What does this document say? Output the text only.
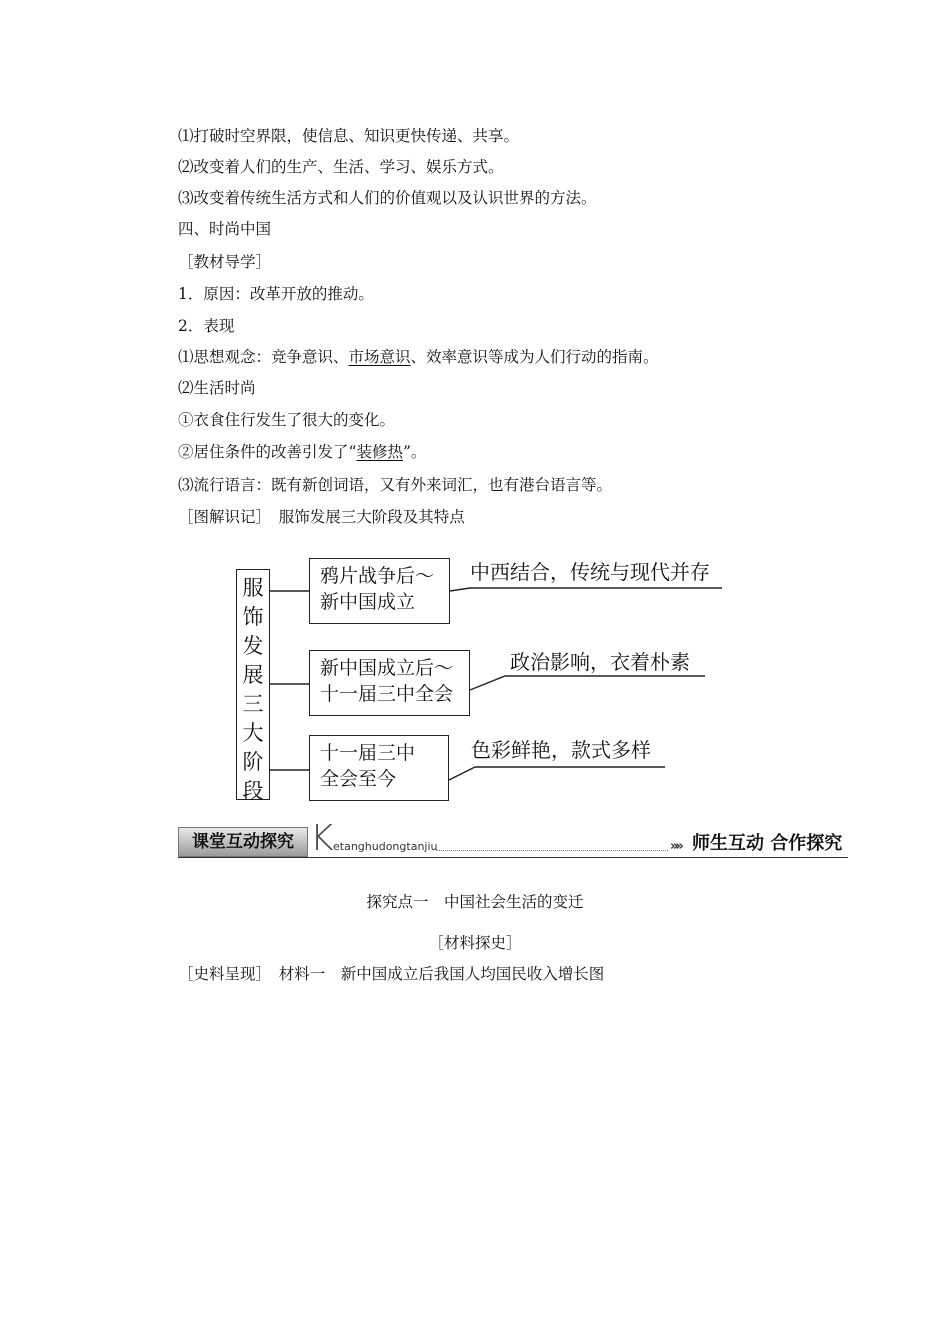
⑴打破时空界限，使信息、知识更快传递、共享。
⑵改变着人们的生产、生活、学习、娱乐方式。
⑶改变着传统生活方式和人们的价值观以及认识世界的方法。
四、时尚中国
［教材导学］
1．原因：改革开放的推动。
2．表现
⑴思想观念：竞争意识、市场意识、效率意识等成为人们行动的指南。
⑵生活时尚
①衣食住行发生了很大的变化。
②居住条件的改善引发了“装修热”。
⑶流行语言：既有新创词语，又有外来词汇，也有港台语言等。
［图解识记］　服饰发展三大阶段及其特点
服
饰
发
展
三
大
阶
段
鸦片战争后～
新中国成立
新中国成立后～
十一届三中全会
十一届三中
全会至今
中西结合，传统与现代并存
政治影响，衣着朴素
色彩鲜艳，款式多样
课堂互动探究 K etanghudongtanjiu	»» 师生互动 合作探究
探究点一　中国社会生活的变迁
［材料探史］
［史料呈现］　材料一　新中国成立后我国人均国民收入增长图
